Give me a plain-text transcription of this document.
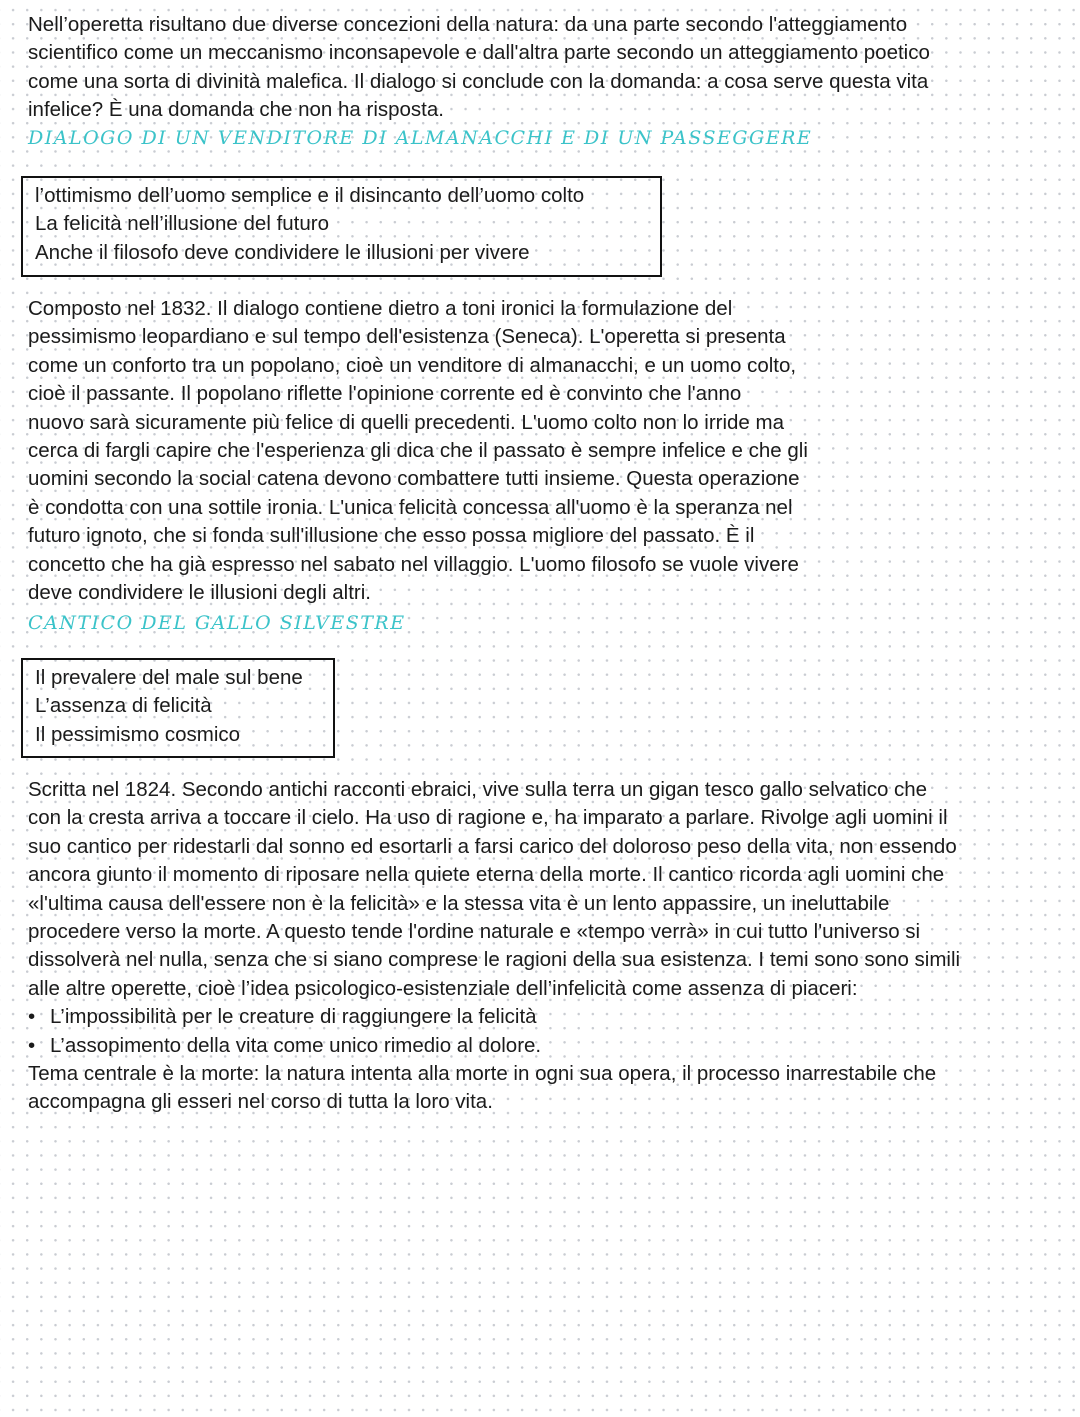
Nell’operetta risultano due diverse concezioni della natura: da una parte secondo l'atteggiamento
scientifico come un meccanismo inconsapevole e dall'altra parte secondo un atteggiamento poetico
come una sorta di divinità malefica. Il dialogo si conclude con la domanda: a cosa serve questa vita
infelice? È una domanda che non ha risposta.

DIALOGO DI UN VENDITORE DI ALMANACCHI E DI UN PASSEGGERE
l’ottimismo dell’uomo semplice e il disincanto dell’uomo colto
La felicità nell’illusione del futuro
Anche il filosofo deve condividere le illusioni per vivere

Composto nel 1832. Il dialogo contiene dietro a toni ironici la formulazione del
pessimismo leopardiano e sul tempo dell'esistenza (Seneca). L'operetta si presenta
come un conforto tra un popolano, cioè un venditore di almanacchi, e un uomo colto,
cioè il passante. Il popolano riflette l'opinione corrente ed è convinto che l'anno
nuovo sarà sicuramente più felice di quelli precedenti. L'uomo colto non lo irride ma
cerca di fargli capire che l'esperienza gli dica che il passato è sempre infelice e che gli
uomini secondo la social catena devono combattere tutti insieme. Questa operazione
è condotta con una sottile ironia. L'unica felicità concessa all'uomo è la speranza nel
futuro ignoto, che si fonda sull'illusione che esso possa migliore del passato. È il
concetto che ha già espresso nel sabato nel villaggio. L'uomo filosofo se vuole vivere
deve condividere le illusioni degli altri.

CANTICO DEL GALLO SILVESTRE
Il prevalere del male sul bene
L’assenza di felicità
Il pessimismo cosmico

Scritta nel 1824. Secondo antichi racconti ebraici, vive sulla terra un gigan tesco gallo selvatico che
con la cresta arriva a toccare il cielo. Ha uso di ragione e, ha imparato a parlare. Rivolge agli uomini il
suo cantico per ridestarli dal sonno ed esortarli a farsi carico del doloroso peso della vita, non essendo
ancora giunto il momento di riposare nella quiete eterna della morte. Il cantico ricorda agli uomini che
«l'ultima causa dell'essere non è la felicità» e la stessa vita è un lento appassire, un ineluttabile
procedere verso la morte. A questo tende l'ordine naturale e «tempo verrà» in cui tutto l'universo si
dissolverà nel nulla, senza che si siano comprese le ragioni della sua esistenza. I temi sono sono simili
alle altre operette, cioè l’idea psicologico-esistenziale dell’infelicità come assenza di piaceri:
• L’impossibilità per le creature di raggiungere la felicità
• L’assopimento della vita come unico rimedio al dolore.
Tema centrale è la morte: la natura intenta alla morte in ogni sua opera, il processo inarrestabile che
accompagna gli esseri nel corso di tutta la loro vita.
